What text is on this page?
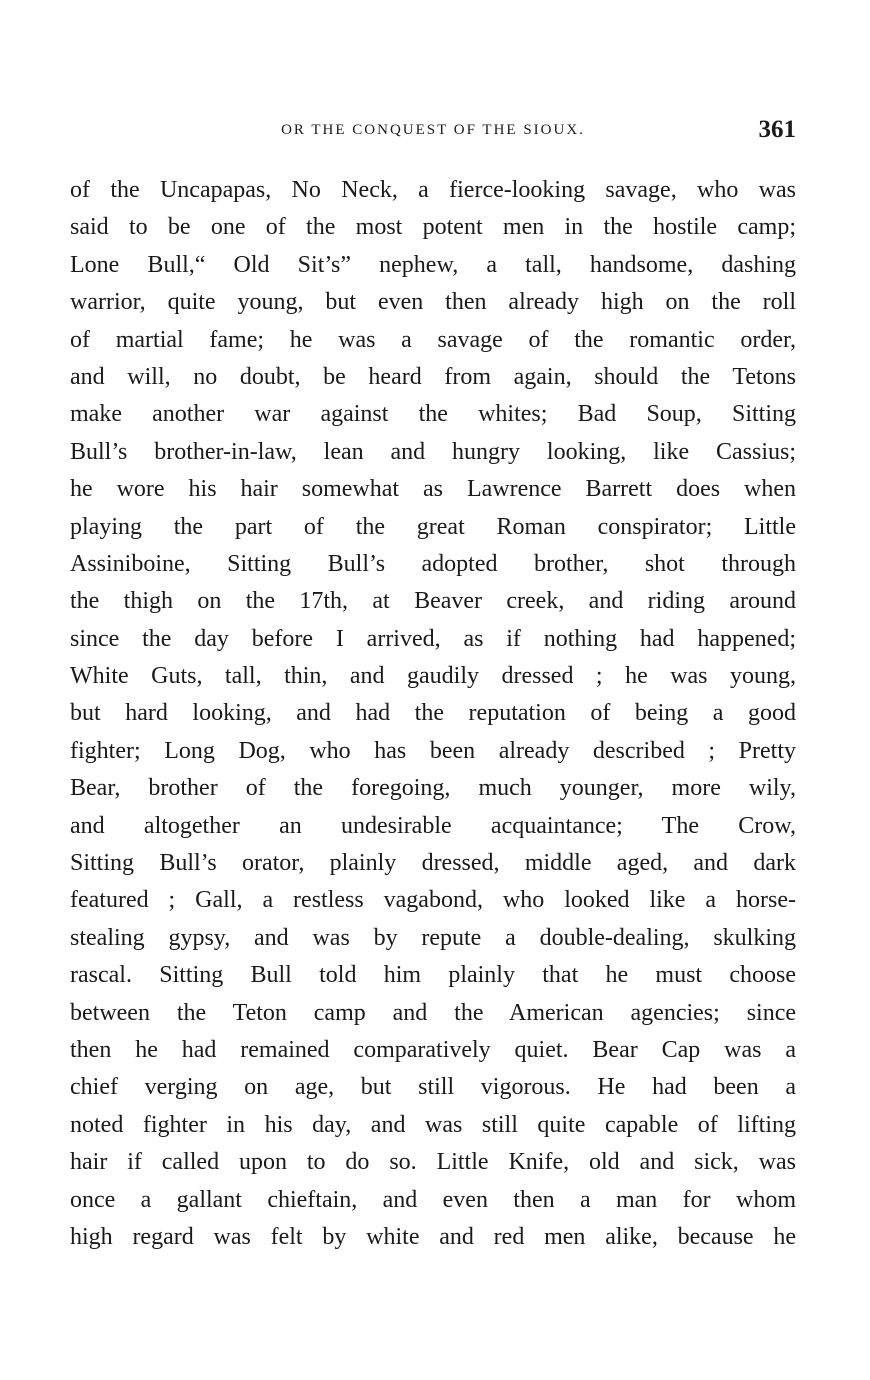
OR THE CONQUEST OF THE SIOUX.	361
of the Uncapapas, No Neck, a fierce-looking savage, who was
said to be one of the most potent men in the hostile camp;
Lone Bull,“ Old Sit’s” nephew, a tall, handsome, dashing
warrior, quite young, but even then already high on the roll
of martial fame; he was a savage of the romantic order,
and will, no doubt, be heard from again, should the Tetons
make another war against the whites; Bad Soup, Sitting
Bull’s brother-in-law, lean and hungry looking, like Cassius;
he wore his hair somewhat as Lawrence Barrett does when
playing the part of the great Roman conspirator; Little
Assiniboine, Sitting Bull’s adopted brother, shot through
the thigh on the 17th, at Beaver creek, and riding around
since the day before I arrived, as if nothing had happened;
White Guts, tall, thin, and gaudily dressed ; he was young,
but hard looking, and had the reputation of being a good
fighter; Long Dog, who has been already described ; Pretty
Bear, brother of the foregoing, much younger, more wily,
and altogether an undesirable acquaintance; The Crow,
Sitting Bull’s orator, plainly dressed, middle aged, and dark
featured ; Gall, a restless vagabond, who looked like a horse-
stealing gypsy, and was by repute a double-dealing, skulking
rascal. Sitting Bull told him plainly that he must choose
between the Teton camp and the American agencies; since
then he had remained comparatively quiet. Bear Cap was a
chief verging on age, but still vigorous. He had been a
noted fighter in his day, and was still quite capable of lifting
hair if called upon to do so. Little Knife, old and sick, was
once a gallant chieftain, and even then a man for whom
high regard was felt by white and red men alike, because he
